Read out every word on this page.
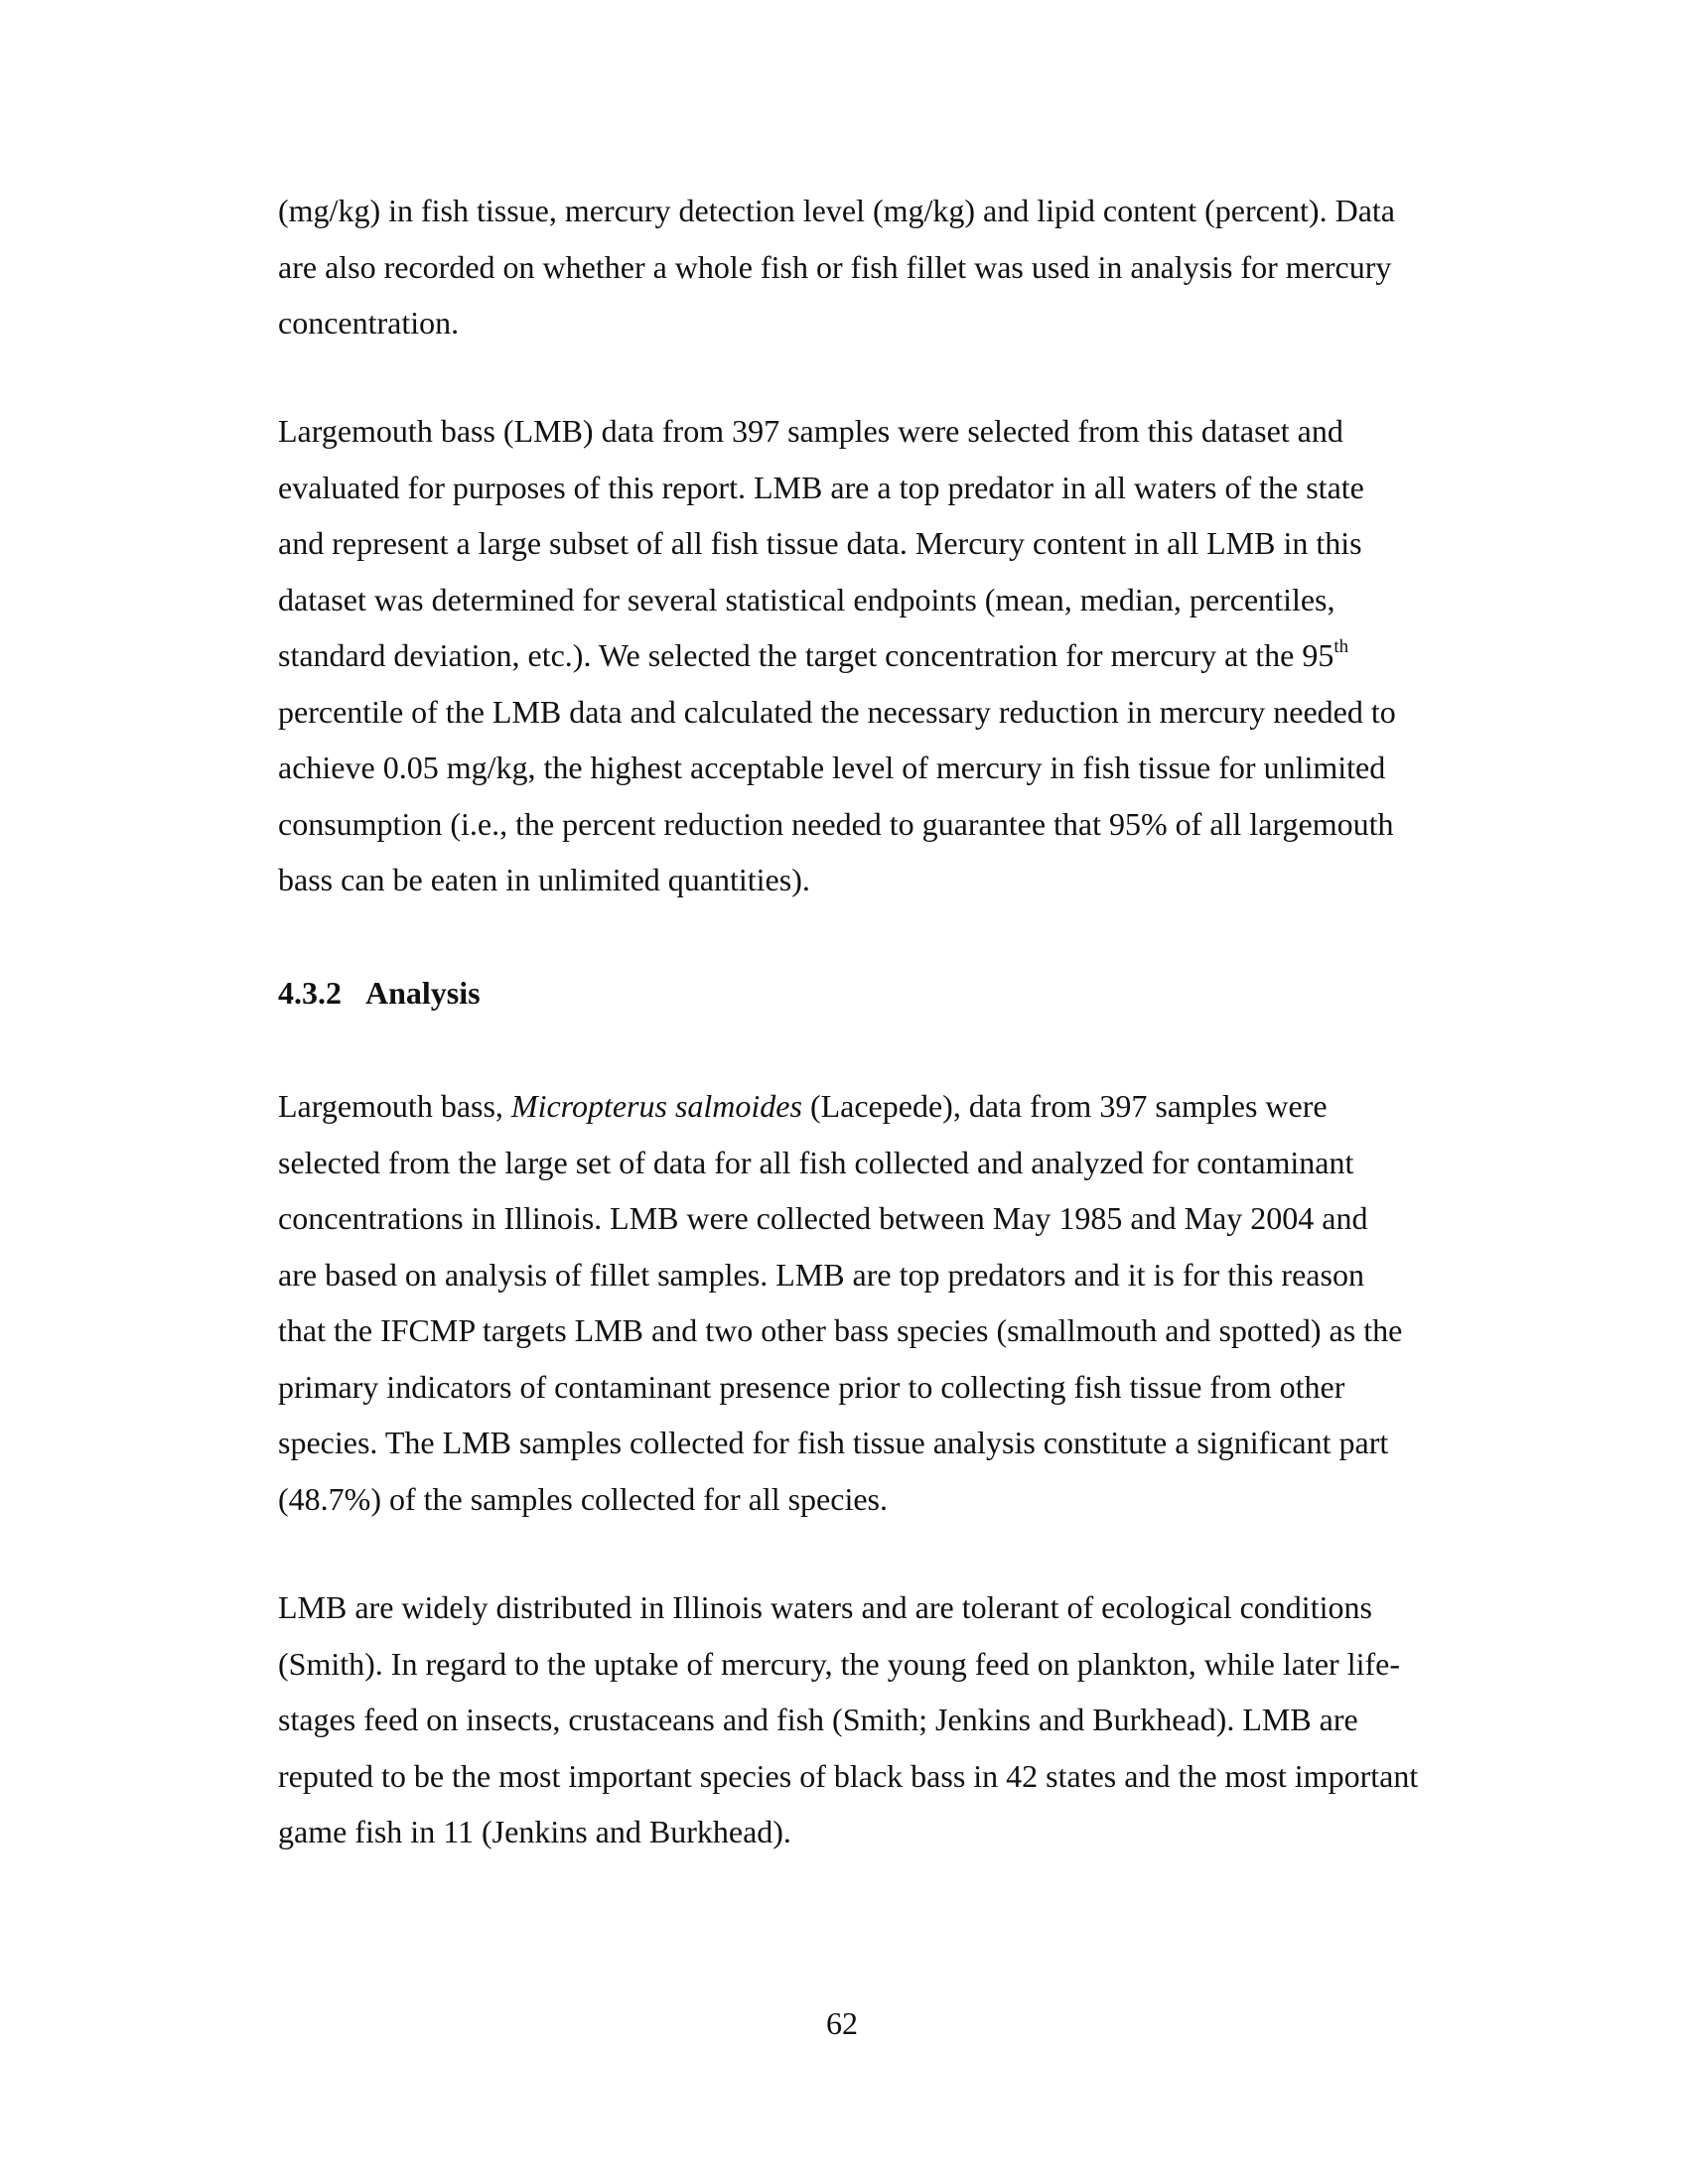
(mg/kg) in fish tissue, mercury detection level (mg/kg) and lipid content (percent). Data
are also recorded on whether a whole fish or fish fillet was used in analysis for mercury
concentration.

Largemouth bass (LMB) data from 397 samples were selected from this dataset and
evaluated for purposes of this report. LMB are a top predator in all waters of the state
and represent a large subset of all fish tissue data. Mercury content in all LMB in this
dataset was determined for several statistical endpoints (mean, median, percentiles,
standard deviation, etc.). We selected the target concentration for mercury at the 95th
percentile of the LMB data and calculated the necessary reduction in mercury needed to
achieve 0.05 mg/kg, the highest acceptable level of mercury in fish tissue for unlimited
consumption (i.e., the percent reduction needed to guarantee that 95% of all largemouth
bass can be eaten in unlimited quantities).

4.3.2 Analysis

Largemouth bass, Micropterus salmoides (Lacepede), data from 397 samples were
selected from the large set of data for all fish collected and analyzed for contaminant
concentrations in Illinois. LMB were collected between May 1985 and May 2004 and
are based on analysis of fillet samples. LMB are top predators and it is for this reason
that the IFCMP targets LMB and two other bass species (smallmouth and spotted) as the
primary indicators of contaminant presence prior to collecting fish tissue from other
species. The LMB samples collected for fish tissue analysis constitute a significant part
(48.7%) of the samples collected for all species.

LMB are widely distributed in Illinois waters and are tolerant of ecological conditions
(Smith). In regard to the uptake of mercury, the young feed on plankton, while later life-
stages feed on insects, crustaceans and fish (Smith; Jenkins and Burkhead). LMB are
reputed to be the most important species of black bass in 42 states and the most important
game fish in 11 (Jenkins and Burkhead).

62
